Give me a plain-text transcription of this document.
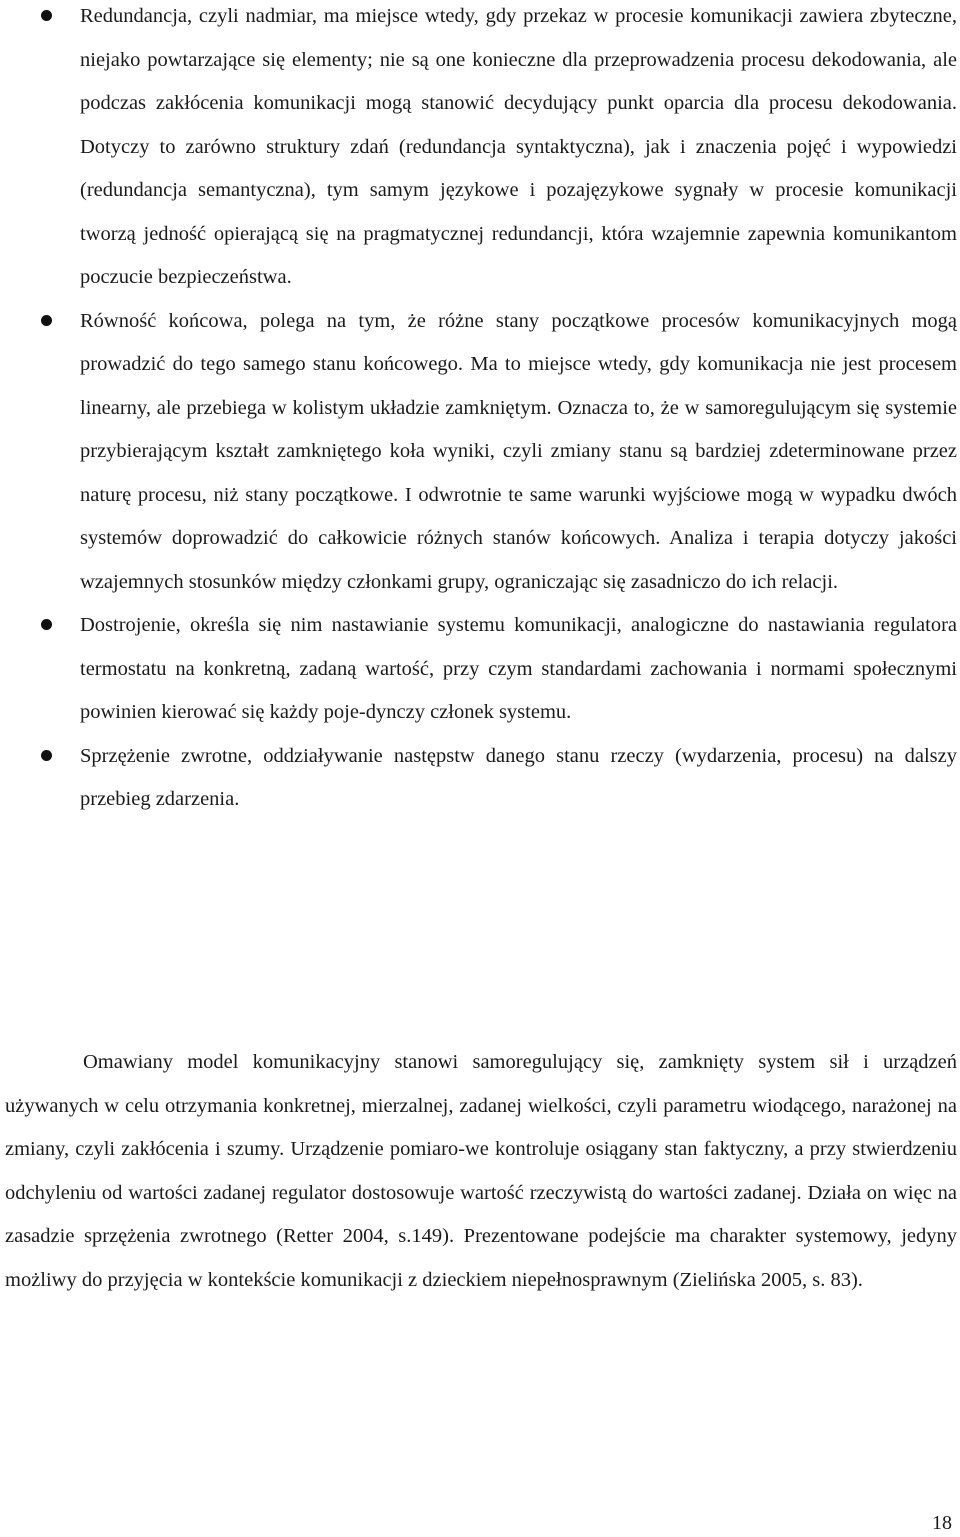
Redundancja, czyli nadmiar, ma miejsce wtedy, gdy przekaz w procesie komunikacji zawiera zbyteczne, niejako powtarzające się elementy; nie są one konieczne dla przeprowadzenia procesu dekodowania, ale podczas zakłócenia komunikacji mogą stanowić decydujący punkt oparcia dla procesu dekodowania. Dotyczy to zarówno struktury zdań (redundancja syntaktyczna), jak i znaczenia pojęć i wypowiedzi (redundancja semantyczna), tym samym językowe i pozajęzykowe sygnały w procesie komunikacji tworzą jedność opierającą się na pragmatycznej redundancji, która wzajemnie zapewnia komunikantom poczucie bezpieczeństwa.
Równość końcowa, polega na tym, że różne stany początkowe procesów komunikacyjnych mogą prowadzić do tego samego stanu końcowego. Ma to miejsce wtedy, gdy komunikacja nie jest procesem linearny, ale przebiega w kolistym układzie zamkniętym. Oznacza to, że w samoregulującym się systemie przybierającym kształt zamkniętego koła wyniki, czyli zmiany stanu są bardziej zdeterminowane przez naturę procesu, niż stany początkowe. I odwrotnie te same warunki wyjściowe mogą w wypadku dwóch systemów doprowadzić do całkowicie różnych stanów końcowych. Analiza i terapia dotyczy jakości wzajemnych stosunków między członkami grupy, ograniczając się zasadniczo do ich relacji.
Dostrojenie, określa się nim nastawianie systemu komunikacji, analogiczne do nastawiania regulatora termostatu na konkretną, zadaną wartość, przy czym standardami zachowania i normami społecznymi powinien kierować się każdy poje-dynczy członek systemu.
Sprzężenie zwrotne, oddziaływanie następstw danego stanu rzeczy (wydarzenia, procesu) na dalszy przebieg zdarzenia.

Omawiany model komunikacyjny stanowi samoregulujący się, zamknięty system sił i urządzeń używanych w celu otrzymania konkretnej, mierzalnej, zadanej wielkości, czyli parametru wiodącego, narażonej na zmiany, czyli zakłócenia i szumy. Urządzenie pomiaro-we kontroluje osiągany stan faktyczny, a przy stwierdzeniu odchyleniu od wartości zadanej regulator dostosowuje wartość rzeczywistą do wartości zadanej. Działa on więc na zasadzie sprzężenia zwrotnego (Retter 2004, s.149). Prezentowane podejście ma charakter systemowy, jedyny możliwy do przyjęcia w kontekście komunikacji z dzieckiem niepełnosprawnym (Zielińska 2005, s. 83).

18
